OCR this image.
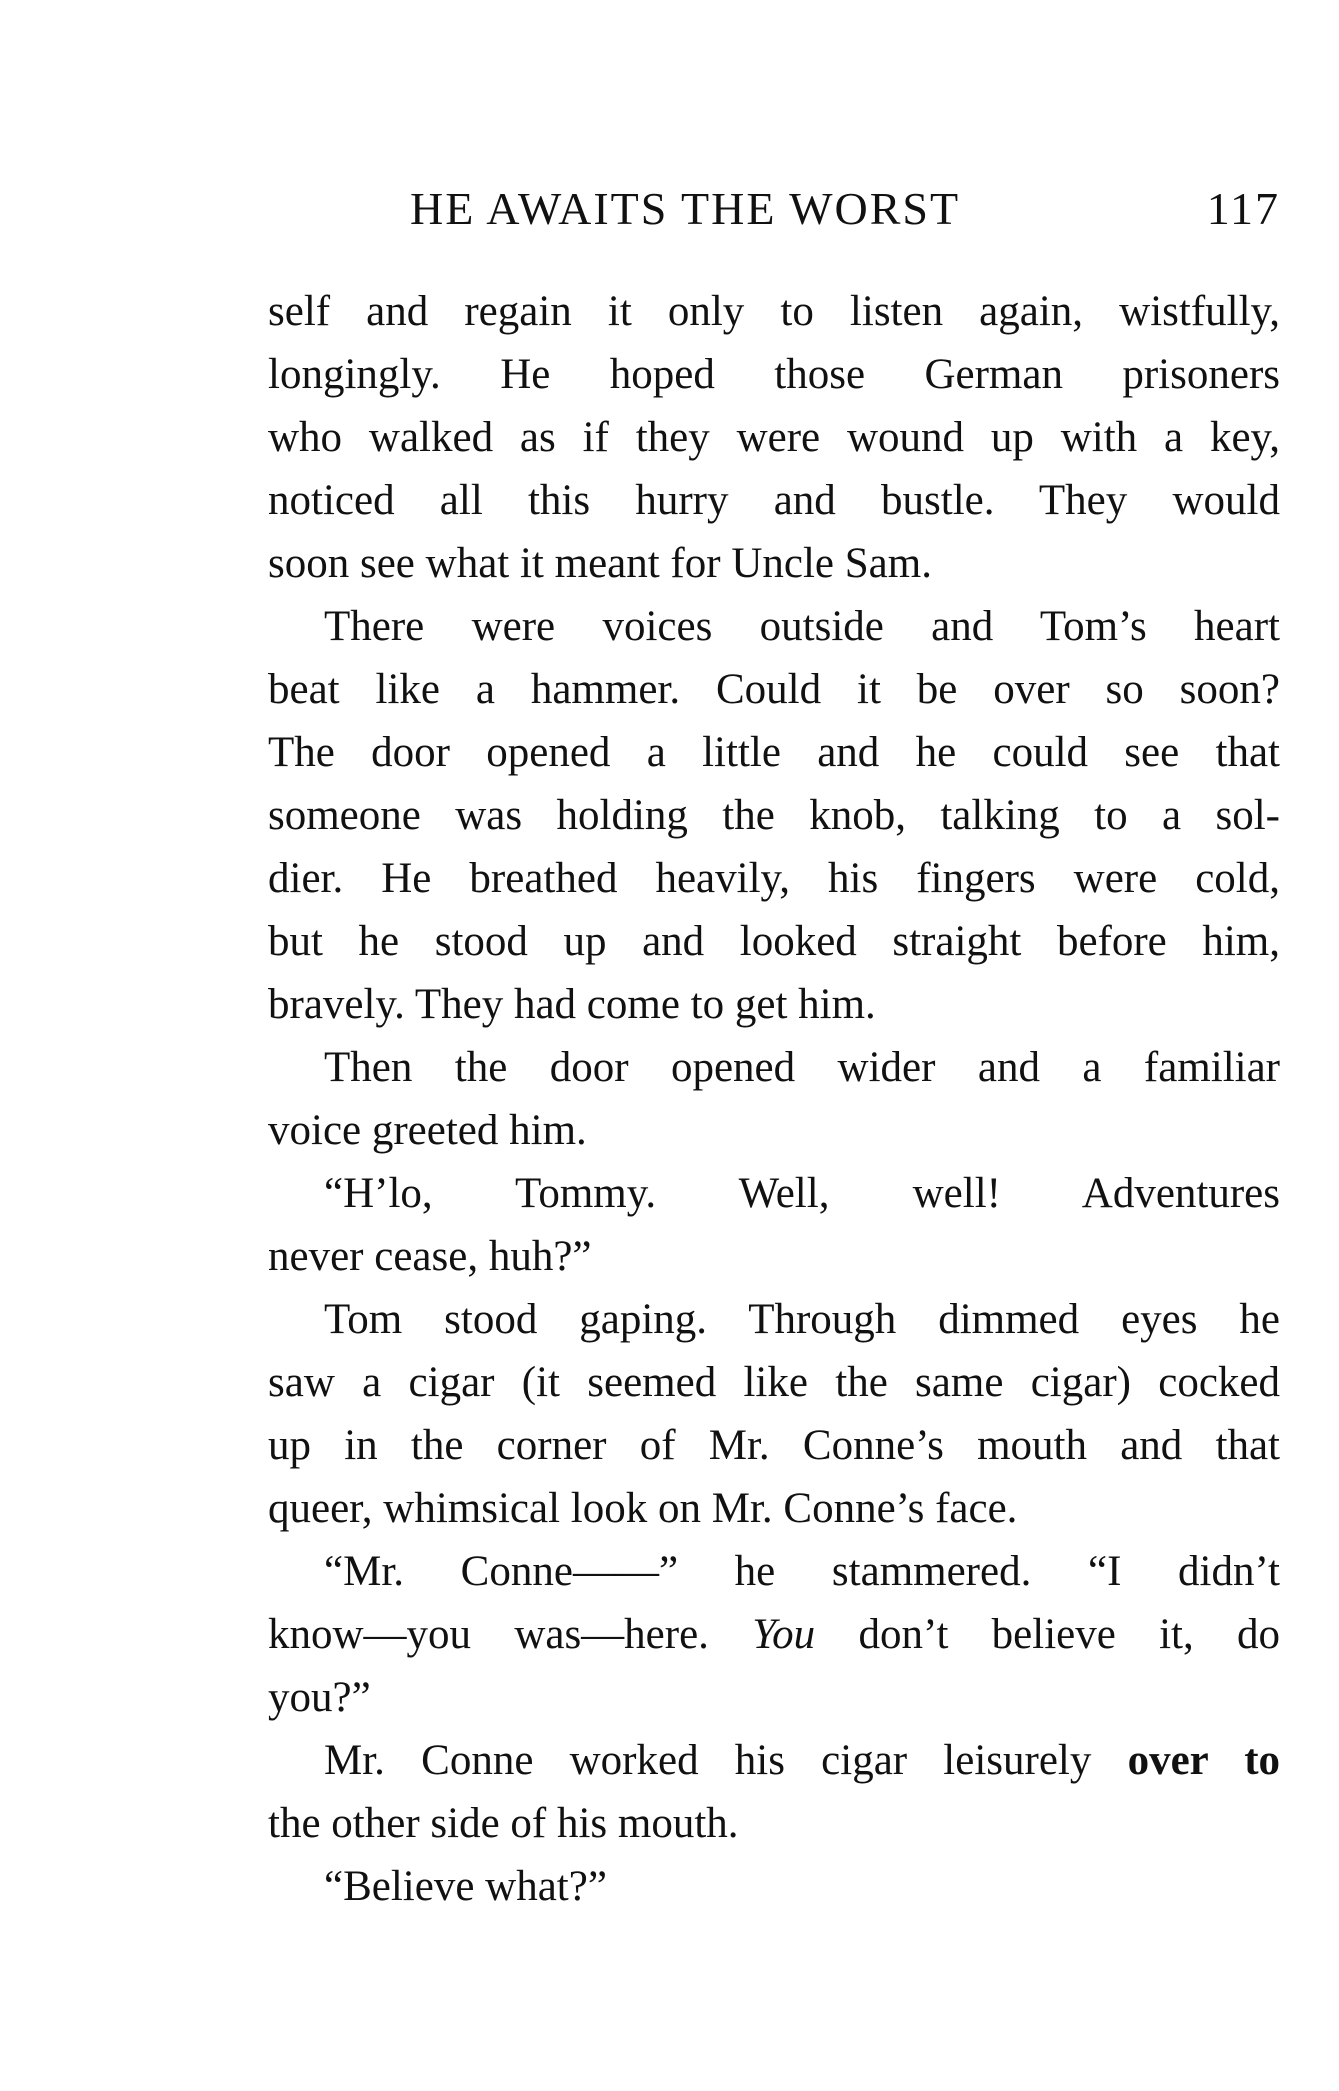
HE AWAITS THE WORST	117
self and regain it only to listen again, wistfully,
longingly. He hoped those German prisoners
who walked as if they were wound up with a key,
noticed all this hurry and bustle. They would
soon see what it meant for Uncle Sam.
There were voices outside and Tom’s heart
beat like a hammer. Could it be over so soon?
The door opened a little and he could see that
someone was holding the knob, talking to a sol-
dier. He breathed heavily, his fingers were cold,
but he stood up and looked straight before him,
bravely. They had come to get him.
Then the door opened wider and a familiar
voice greeted him.
“H’lo, Tommy. Well, well! Adventures
never cease, huh?”
Tom stood gaping. Through dimmed eyes he
saw a cigar (it seemed like the same cigar) cocked
up in the corner of Mr. Conne’s mouth and that
queer, whimsical look on Mr. Conne’s face.
“Mr. Conne——” he stammered. “I didn’t
know—you was—here. You don’t believe it, do
you?”
Mr. Conne worked his cigar leisurely over to
the other side of his mouth.
“Believe what?”
